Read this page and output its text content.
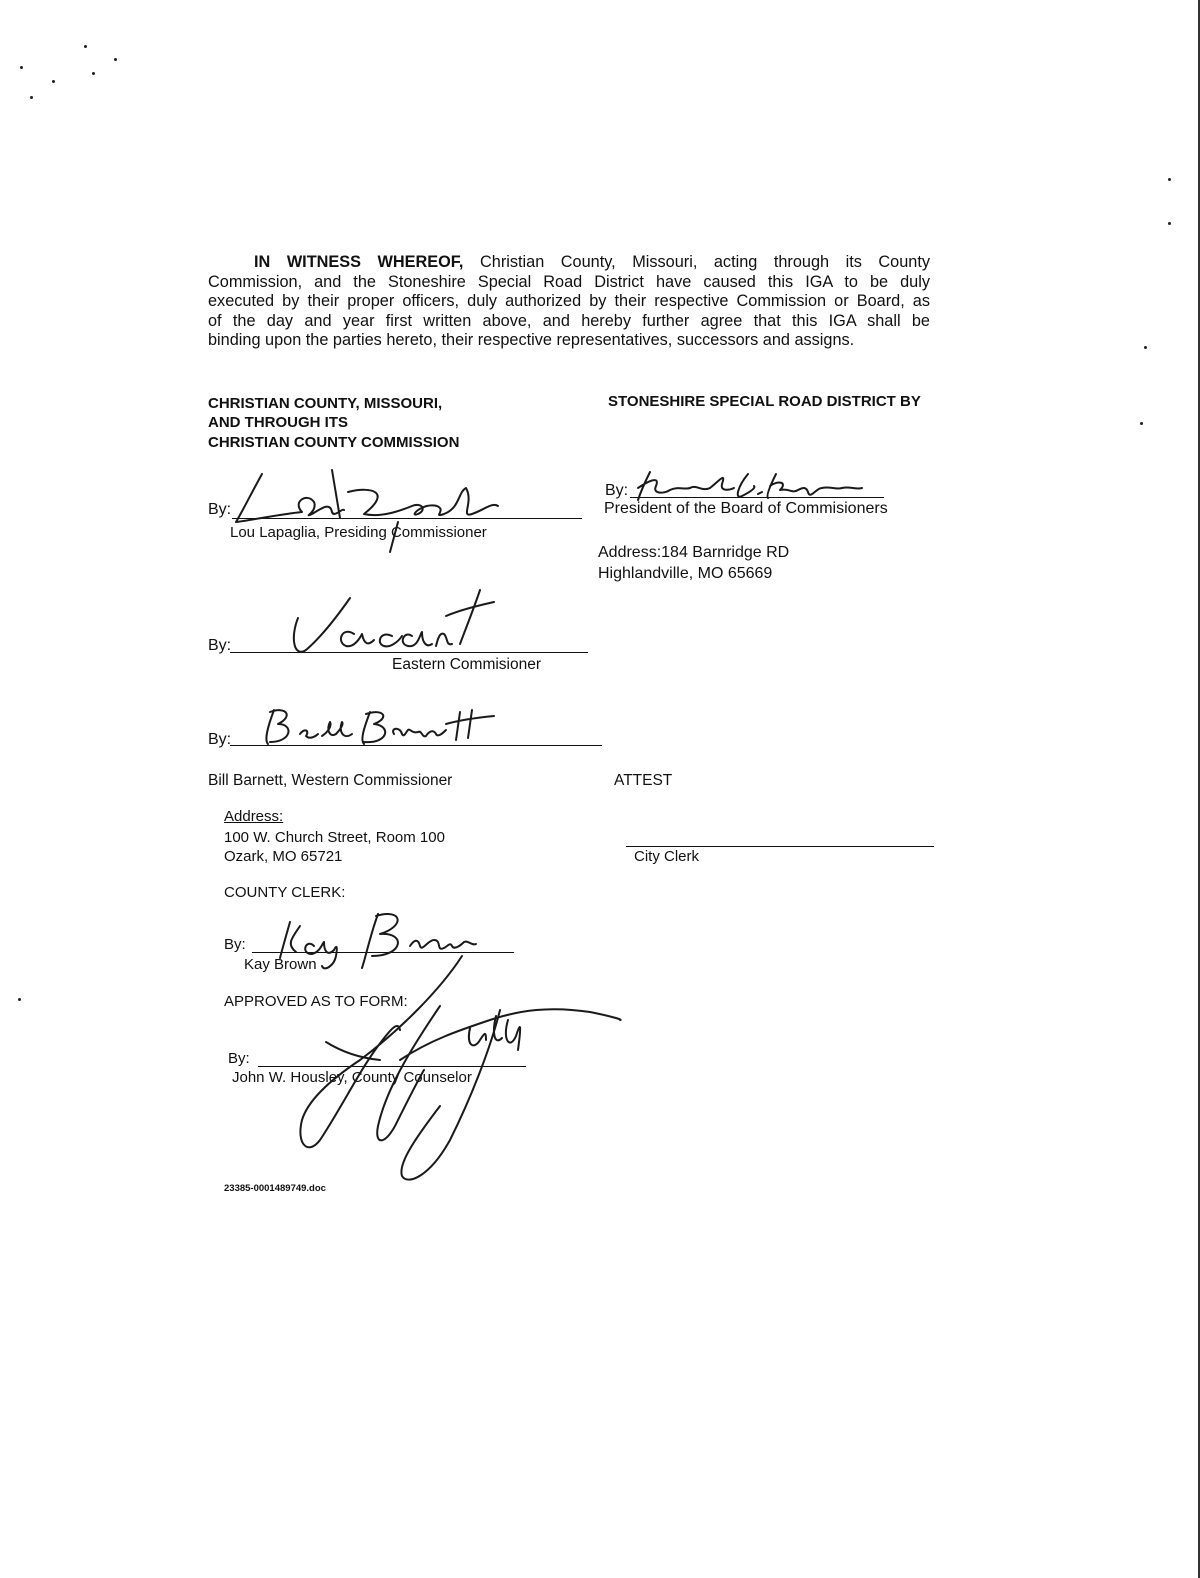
IN WITNESS WHEREOF, Christian County, Missouri, acting through its County
Commission, and the Stoneshire Special Road District have caused this IGA to be duly
executed by their proper officers, duly authorized by their respective Commission or Board, as
of the day and year first written above, and hereby further agree that this IGA shall be
binding upon the parties hereto, their respective representatives, successors and assigns.
CHRISTIAN COUNTY, MISSOURI,
AND THROUGH ITS
CHRISTIAN COUNTY COMMISSION
STONESHIRE SPECIAL ROAD DISTRICT BY
By:
Lou Lapaglia, Presiding Commissioner
By:
President of the Board of Commisioners
Address:184 Barnridge RD
Highlandville, MO 65669
By:
Eastern Commisioner
By:
Bill Barnett, Western Commissioner	ATTEST
City Clerk
Address:
100 W. Church Street, Room 100
Ozark, MO 65721
COUNTY CLERK:
By:
Kay Brown
APPROVED AS TO FORM:
By:
John W. Housley, County Counselor
23385-0001489749.doc
